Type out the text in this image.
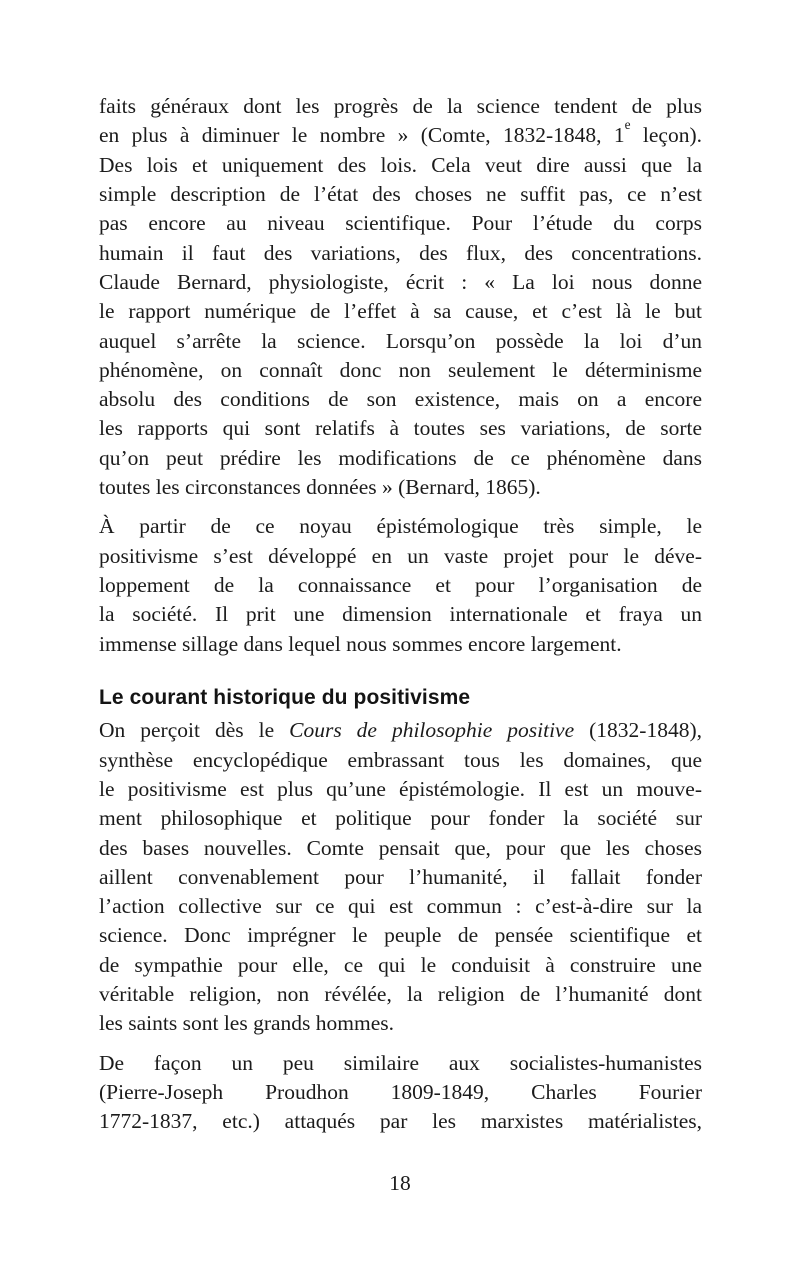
faits généraux dont les progrès de la science tendent de plus
en plus à diminuer le nombre » (Comte, 1832-1848, 1e leçon).
Des lois et uniquement des lois. Cela veut dire aussi que la
simple description de l’état des choses ne suffit pas, ce n’est
pas encore au niveau scientifique. Pour l’étude du corps
humain il faut des variations, des flux, des concentrations.
Claude Bernard, physiologiste, écrit : « La loi nous donne
le rapport numérique de l’effet à sa cause, et c’est là le but
auquel s’arrête la science. Lorsqu’on possède la loi d’un
phénomène, on connaît donc non seulement le déterminisme
absolu des conditions de son existence, mais on a encore
les rapports qui sont relatifs à toutes ses variations, de sorte
qu’on peut prédire les modifications de ce phénomène dans
toutes les circonstances données » (Bernard, 1865).
À partir de ce noyau épistémologique très simple, le
positivisme s’est développé en un vaste projet pour le déve-
loppement de la connaissance et pour l’organisation de
la société. Il prit une dimension internationale et fraya un
immense sillage dans lequel nous sommes encore largement.
Le courant historique du positivisme
On perçoit dès le Cours de philosophie positive (1832-1848),
synthèse encyclopédique embrassant tous les domaines, que
le positivisme est plus qu’une épistémologie. Il est un mouve-
ment philosophique et politique pour fonder la société sur
des bases nouvelles. Comte pensait que, pour que les choses
aillent convenablement pour l’humanité, il fallait fonder
l’action collective sur ce qui est commun : c’est-à-dire sur la
science. Donc imprégner le peuple de pensée scientifique et
de sympathie pour elle, ce qui le conduisit à construire une
véritable religion, non révélée, la religion de l’humanité dont
les saints sont les grands hommes.
De façon un peu similaire aux socialistes-humanistes
(Pierre-Joseph Proudhon 1809-1849, Charles Fourier
1772-1837, etc.) attaqués par les marxistes matérialistes,
18
